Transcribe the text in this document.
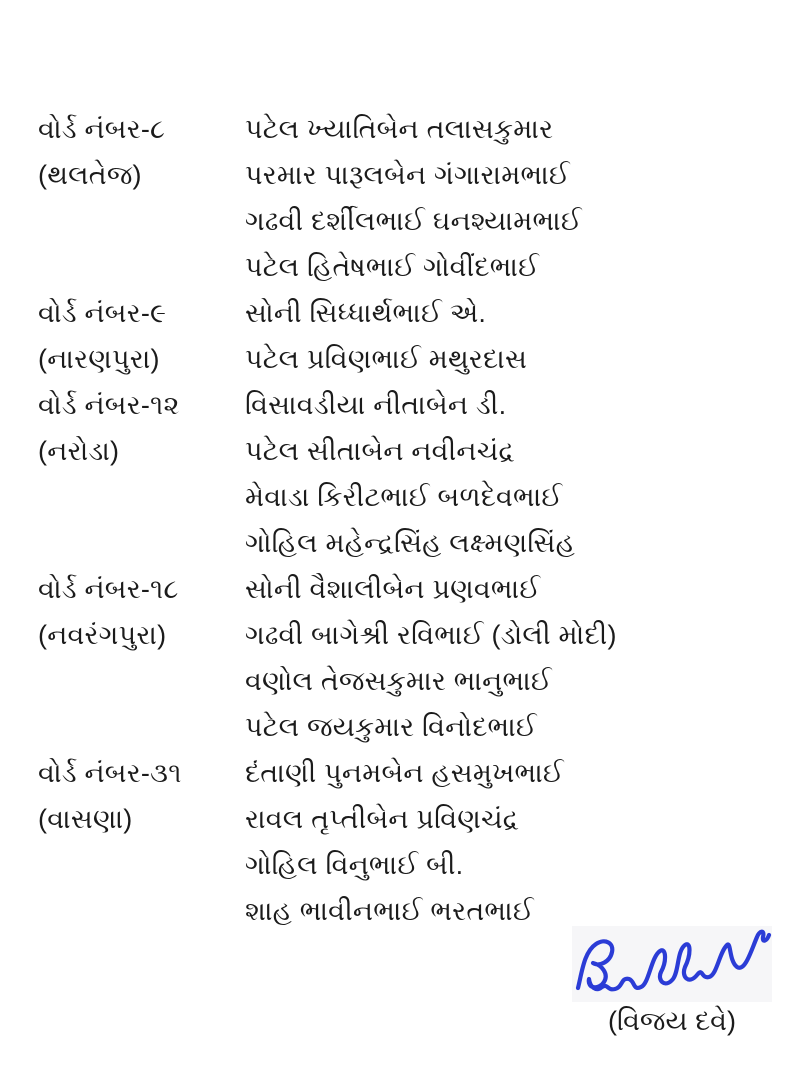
વોર્ડ નંબર-૮
(થલતેજ)
પટેલ ખ્યાતિબેન તલાસકુમાર
પરમાર પારૂલબેન ગંગારામભાઈ
ગઢવી દર્શીલભાઈ ઘનશ્યામભાઈ
પટેલ હિતેષભાઈ ગોવીંદભાઈ
વોર્ડ નંબર-૯
(નારણપુરા)
સોની સિધ્ધાર્થભાઈ એ.
પટેલ પ્રવિણભાઈ મથુરદાસ
વોર્ડ નંબર-૧૨
(નરોડા)
વિસાવડીયા નીતાબેન ડી.
પટેલ સીતાબેન નવીનચંદ્ર
મેવાડા કિરીટભાઈ બળદેવભાઈ
ગોહિલ મહેન્દ્રસિંહ લક્ષ્મણસિંહ
વોર્ડ નંબર-૧૮
(નવરંગપુરા)
સોની વૈશાલીબેન પ્રણવભાઈ
ગઢવી બાગેશ્રી રવિભાઈ (ડોલી મોદી)
વણોલ તેજસકુમાર ભાનુભાઈ
પટેલ જયકુમાર વિનોદભાઈ
વોર્ડ નંબર-૩૧
(વાસણા)
દંતાણી પુનમબેન હસમુખભાઈ
રાવલ તૃપ્તીબેન પ્રવિણચંદ્ર
ગોહિલ વિનુભાઈ બી.
શાહ ભાવીનભાઈ ભરતભાઈ
(વિજય દવે)
